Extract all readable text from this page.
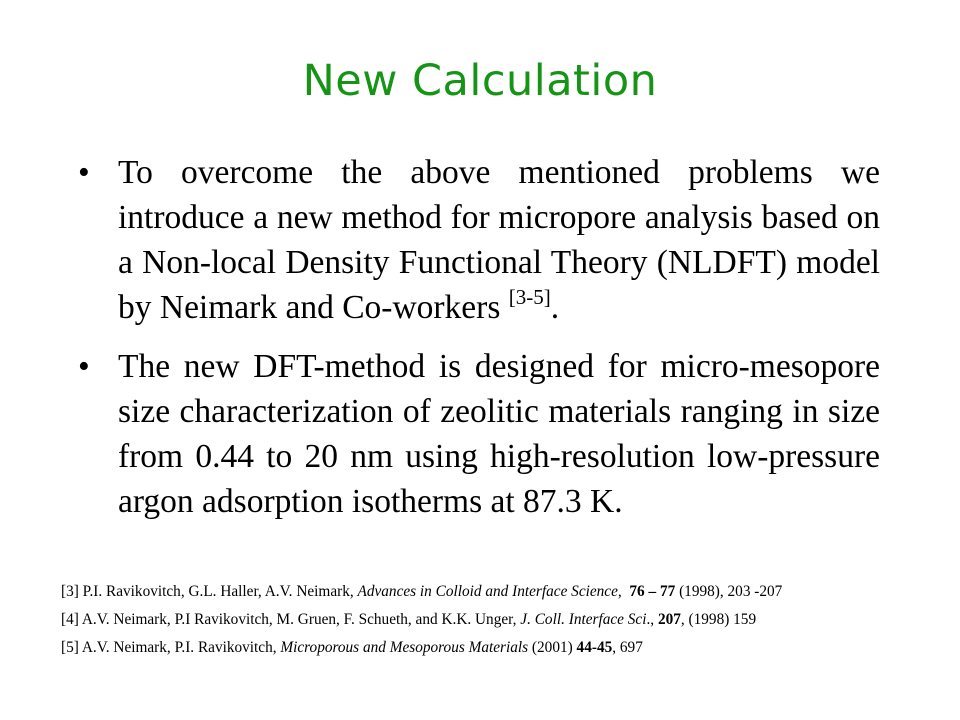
New Calculation

• To overcome the above mentioned problems we introduce a new method for micropore analysis based on a Non-local Density Functional Theory (NLDFT) model by Neimark and Co-workers [3-5].

• The new DFT-method is designed for micro-mesopore size characterization of zeolitic materials ranging in size from 0.44 to 20 nm using high-resolution low-pressure argon adsorption isotherms at 87.3 K.

[3] P.I. Ravikovitch, G.L. Haller, A.V. Neimark, Advances in Colloid and Interface Science, 76 – 77 (1998), 203 -207
[4] A.V. Neimark, P.I Ravikovitch, M. Gruen, F. Schueth, and K.K. Unger, J. Coll. Interface Sci., 207, (1998) 159
[5] A.V. Neimark, P.I. Ravikovitch, Microporous and Mesoporous Materials (2001) 44-45, 697
